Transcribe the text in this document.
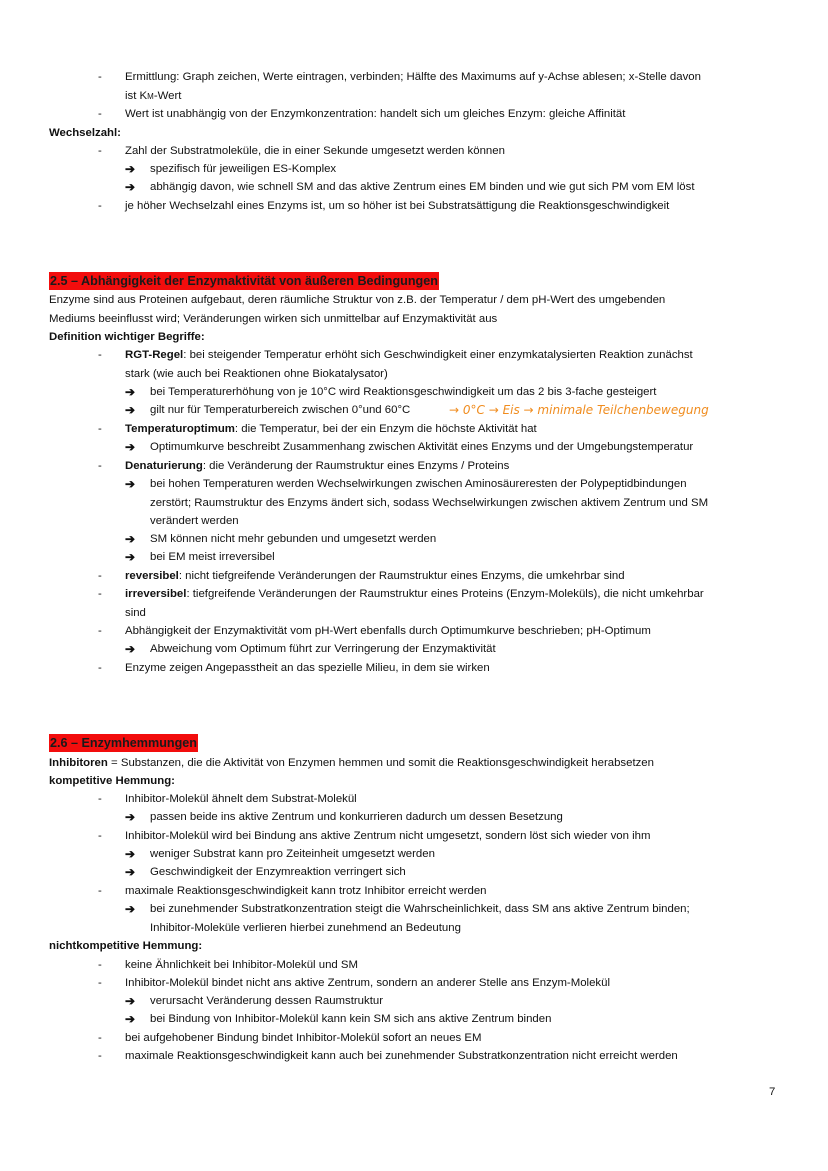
- Ermittlung: Graph zeichen, Werte eintragen, verbinden; Hälfte des Maximums auf y-Achse ablesen; x-Stelle davon
ist KM-Wert
- Wert ist unabhängig von der Enzymkonzentration: handelt sich um gleiches Enzym: gleiche Affinität
Wechselzahl:
- Zahl der Substratmoleküle, die in einer Sekunde umgesetzt werden können
➔ spezifisch für jeweiligen ES-Komplex
➔ abhängig davon, wie schnell SM and das aktive Zentrum eines EM binden und wie gut sich PM vom EM löst
- je höher Wechselzahl eines Enzyms ist, um so höher ist bei Substratsättigung die Reaktionsgeschwindigkeit
2.5 – Abhängigkeit der Enzymaktivität von äußeren Bedingungen
Enzyme sind aus Proteinen aufgebaut, deren räumliche Struktur von z.B. der Temperatur / dem pH-Wert des umgebenden
Mediums beeinflusst wird; Veränderungen wirken sich unmittelbar auf Enzymaktivität aus
Definition wichtiger Begriffe:
- RGT-Regel: bei steigender Temperatur erhöht sich Geschwindigkeit einer enzymkatalysierten Reaktion zunächst
stark (wie auch bei Reaktionen ohne Biokatalysator)
➔ bei Temperaturerhöhung von je 10°C wird Reaktionsgeschwindigkeit um das 2 bis 3-fache gesteigert
➔ gilt nur für Temperaturbereich zwischen 0°und 60°C	→ 0°C → Eis → minimale Teilchenbewegung
- Temperaturoptimum: die Temperatur, bei der ein Enzym die höchste Aktivität hat
➔ Optimumkurve beschreibt Zusammenhang zwischen Aktivität eines Enzyms und der Umgebungstemperatur
- Denaturierung: die Veränderung der Raumstruktur eines Enzyms / Proteins
➔ bei hohen Temperaturen werden Wechselwirkungen zwischen Aminosäureresten der Polypeptidbindungen
zerstört; Raumstruktur des Enzyms ändert sich, sodass Wechselwirkungen zwischen aktivem Zentrum und SM
verändert werden
➔ SM können nicht mehr gebunden und umgesetzt werden
➔ bei EM meist irreversibel
- reversibel: nicht tiefgreifende Veränderungen der Raumstruktur eines Enzyms, die umkehrbar sind
- irreversibel: tiefgreifende Veränderungen der Raumstruktur eines Proteins (Enzym-Moleküls), die nicht umkehrbar
sind
- Abhängigkeit der Enzymaktivität vom pH-Wert ebenfalls durch Optimumkurve beschrieben; pH-Optimum
➔ Abweichung vom Optimum führt zur Verringerung der Enzymaktivität
- Enzyme zeigen Angepasstheit an das spezielle Milieu, in dem sie wirken
2.6 – Enzymhemmungen
Inhibitoren = Substanzen, die die Aktivität von Enzymen hemmen und somit die Reaktionsgeschwindigkeit herabsetzen
kompetitive Hemmung:
- Inhibitor-Molekül ähnelt dem Substrat-Molekül
➔ passen beide ins aktive Zentrum und konkurrieren dadurch um dessen Besetzung
- Inhibitor-Molekül wird bei Bindung ans aktive Zentrum nicht umgesetzt, sondern löst sich wieder von ihm
➔ weniger Substrat kann pro Zeiteinheit umgesetzt werden
➔ Geschwindigkeit der Enzymreaktion verringert sich
- maximale Reaktionsgeschwindigkeit kann trotz Inhibitor erreicht werden
➔ bei zunehmender Substratkonzentration steigt die Wahrscheinlichkeit, dass SM ans aktive Zentrum binden;
Inhibitor-Moleküle verlieren hierbei zunehmend an Bedeutung
nichtkompetitive Hemmung:
- keine Ähnlichkeit bei Inhibitor-Molekül und SM
- Inhibitor-Molekül bindet nicht ans aktive Zentrum, sondern an anderer Stelle ans Enzym-Molekül
➔ verursacht Veränderung dessen Raumstruktur
➔ bei Bindung von Inhibitor-Molekül kann kein SM sich ans aktive Zentrum binden
- bei aufgehobener Bindung bindet Inhibitor-Molekül sofort an neues EM
- maximale Reaktionsgeschwindigkeit kann auch bei zunehmender Substratkonzentration nicht erreicht werden
7
